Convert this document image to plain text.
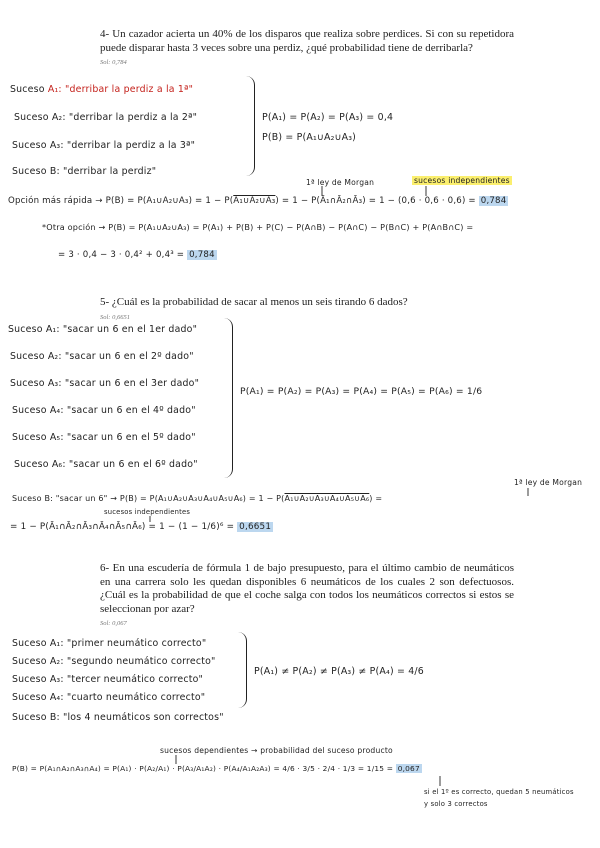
4- Un cazador acierta un 40% de los disparos que realiza sobre perdices. Si con su repetidora puede disparar hasta 3 veces sobre una perdiz, ¿qué probabilidad tiene de derribarla?
Sol: 0,784
Suceso A₁: "derribar la perdiz a la 1ª"
Suceso A₂: "derribar la perdiz a la 2ª"
Suceso A₃: "derribar la perdiz a la 3ª"
Suceso B: "derribar la perdiz"
P(A₁) = P(A₂) = P(A₃) = 0,4
P(B) = P(A₁∪A₂∪A₃)
1ª ley de Morgan	sucesos independientes
Opción más rápida → P(B) = P(A₁∪A₂∪A₃) = 1 − P(A₁∪A₂∪A₃) = 1 − P(Ā₁∩Ā₂∩Ā₃) = 1 − (0,6 · 0,6 · 0,6) = 0,784
*Otra opción → P(B) = P(A₁∪A₂∪A₃) = P(A₁) + P(B) + P(C) − P(A∩B) − P(A∩C) − P(B∩C) + P(A∩B∩C) =
= 3 · 0,4 − 3 · 0,4² + 0,4³ = 0,784
5- ¿Cuál es la probabilidad de sacar al menos un seis tirando 6 dados?
Sol: 0,6651
Suceso A₁: "sacar un 6 en el 1er dado"
Suceso A₂: "sacar un 6 en el 2º dado"
Suceso A₃: "sacar un 6 en el 3er dado"
Suceso A₄: "sacar un 6 en el 4º dado"
Suceso A₅: "sacar un 6 en el 5º dado"
Suceso A₆: "sacar un 6 en el 6º dado"
P(A₁) = P(A₂) = P(A₃) = P(A₄) = P(A₅) = P(A₆) = 1/6
1ª ley de Morgan
Suceso B: "sacar un 6" → P(B) = P(A₁∪A₂∪A₃∪A₄∪A₅∪A₆) = 1 − P(A₁∪A₂∪A₃∪A₄∪A₅∪A₆) =
sucesos independientes
= 1 − P(Ā₁∩Ā₂∩Ā₃∩Ā₄∩Ā₅∩Ā₆) = 1 − (1 − 1/6)⁶ = 0,6651
6- En una escudería de fórmula 1 de bajo presupuesto, para el último cambio de neumáticos en una carrera solo les quedan disponibles 6 neumáticos de los cuales 2 son defectuosos. ¿Cuál es la probabilidad de que el coche salga con todos los neumáticos correctos si estos se seleccionan por azar?
Sol: 0,067
Suceso A₁: "primer neumático correcto"
Suceso A₂: "segundo neumático correcto"
Suceso A₃: "tercer neumático correcto"
Suceso A₄: "cuarto neumático correcto"
Suceso B: "los 4 neumáticos son correctos"
P(A₁) ≠ P(A₂) ≠ P(A₃) ≠ P(A₄) = 4/6
sucesos dependientes → probabilidad del suceso producto
P(B) = P(A₁∩A₂∩A₃∩A₄) = P(A₁) · P(A₂/A₁) · P(A₃/A₁A₂) · P(A₄/A₁A₂A₃) = 4/6 · 3/5 · 2/4 · 1/3 = 1/15 = 0,067
si el 1º es correcto, quedan 5 neumáticos
y solo 3 correctos
